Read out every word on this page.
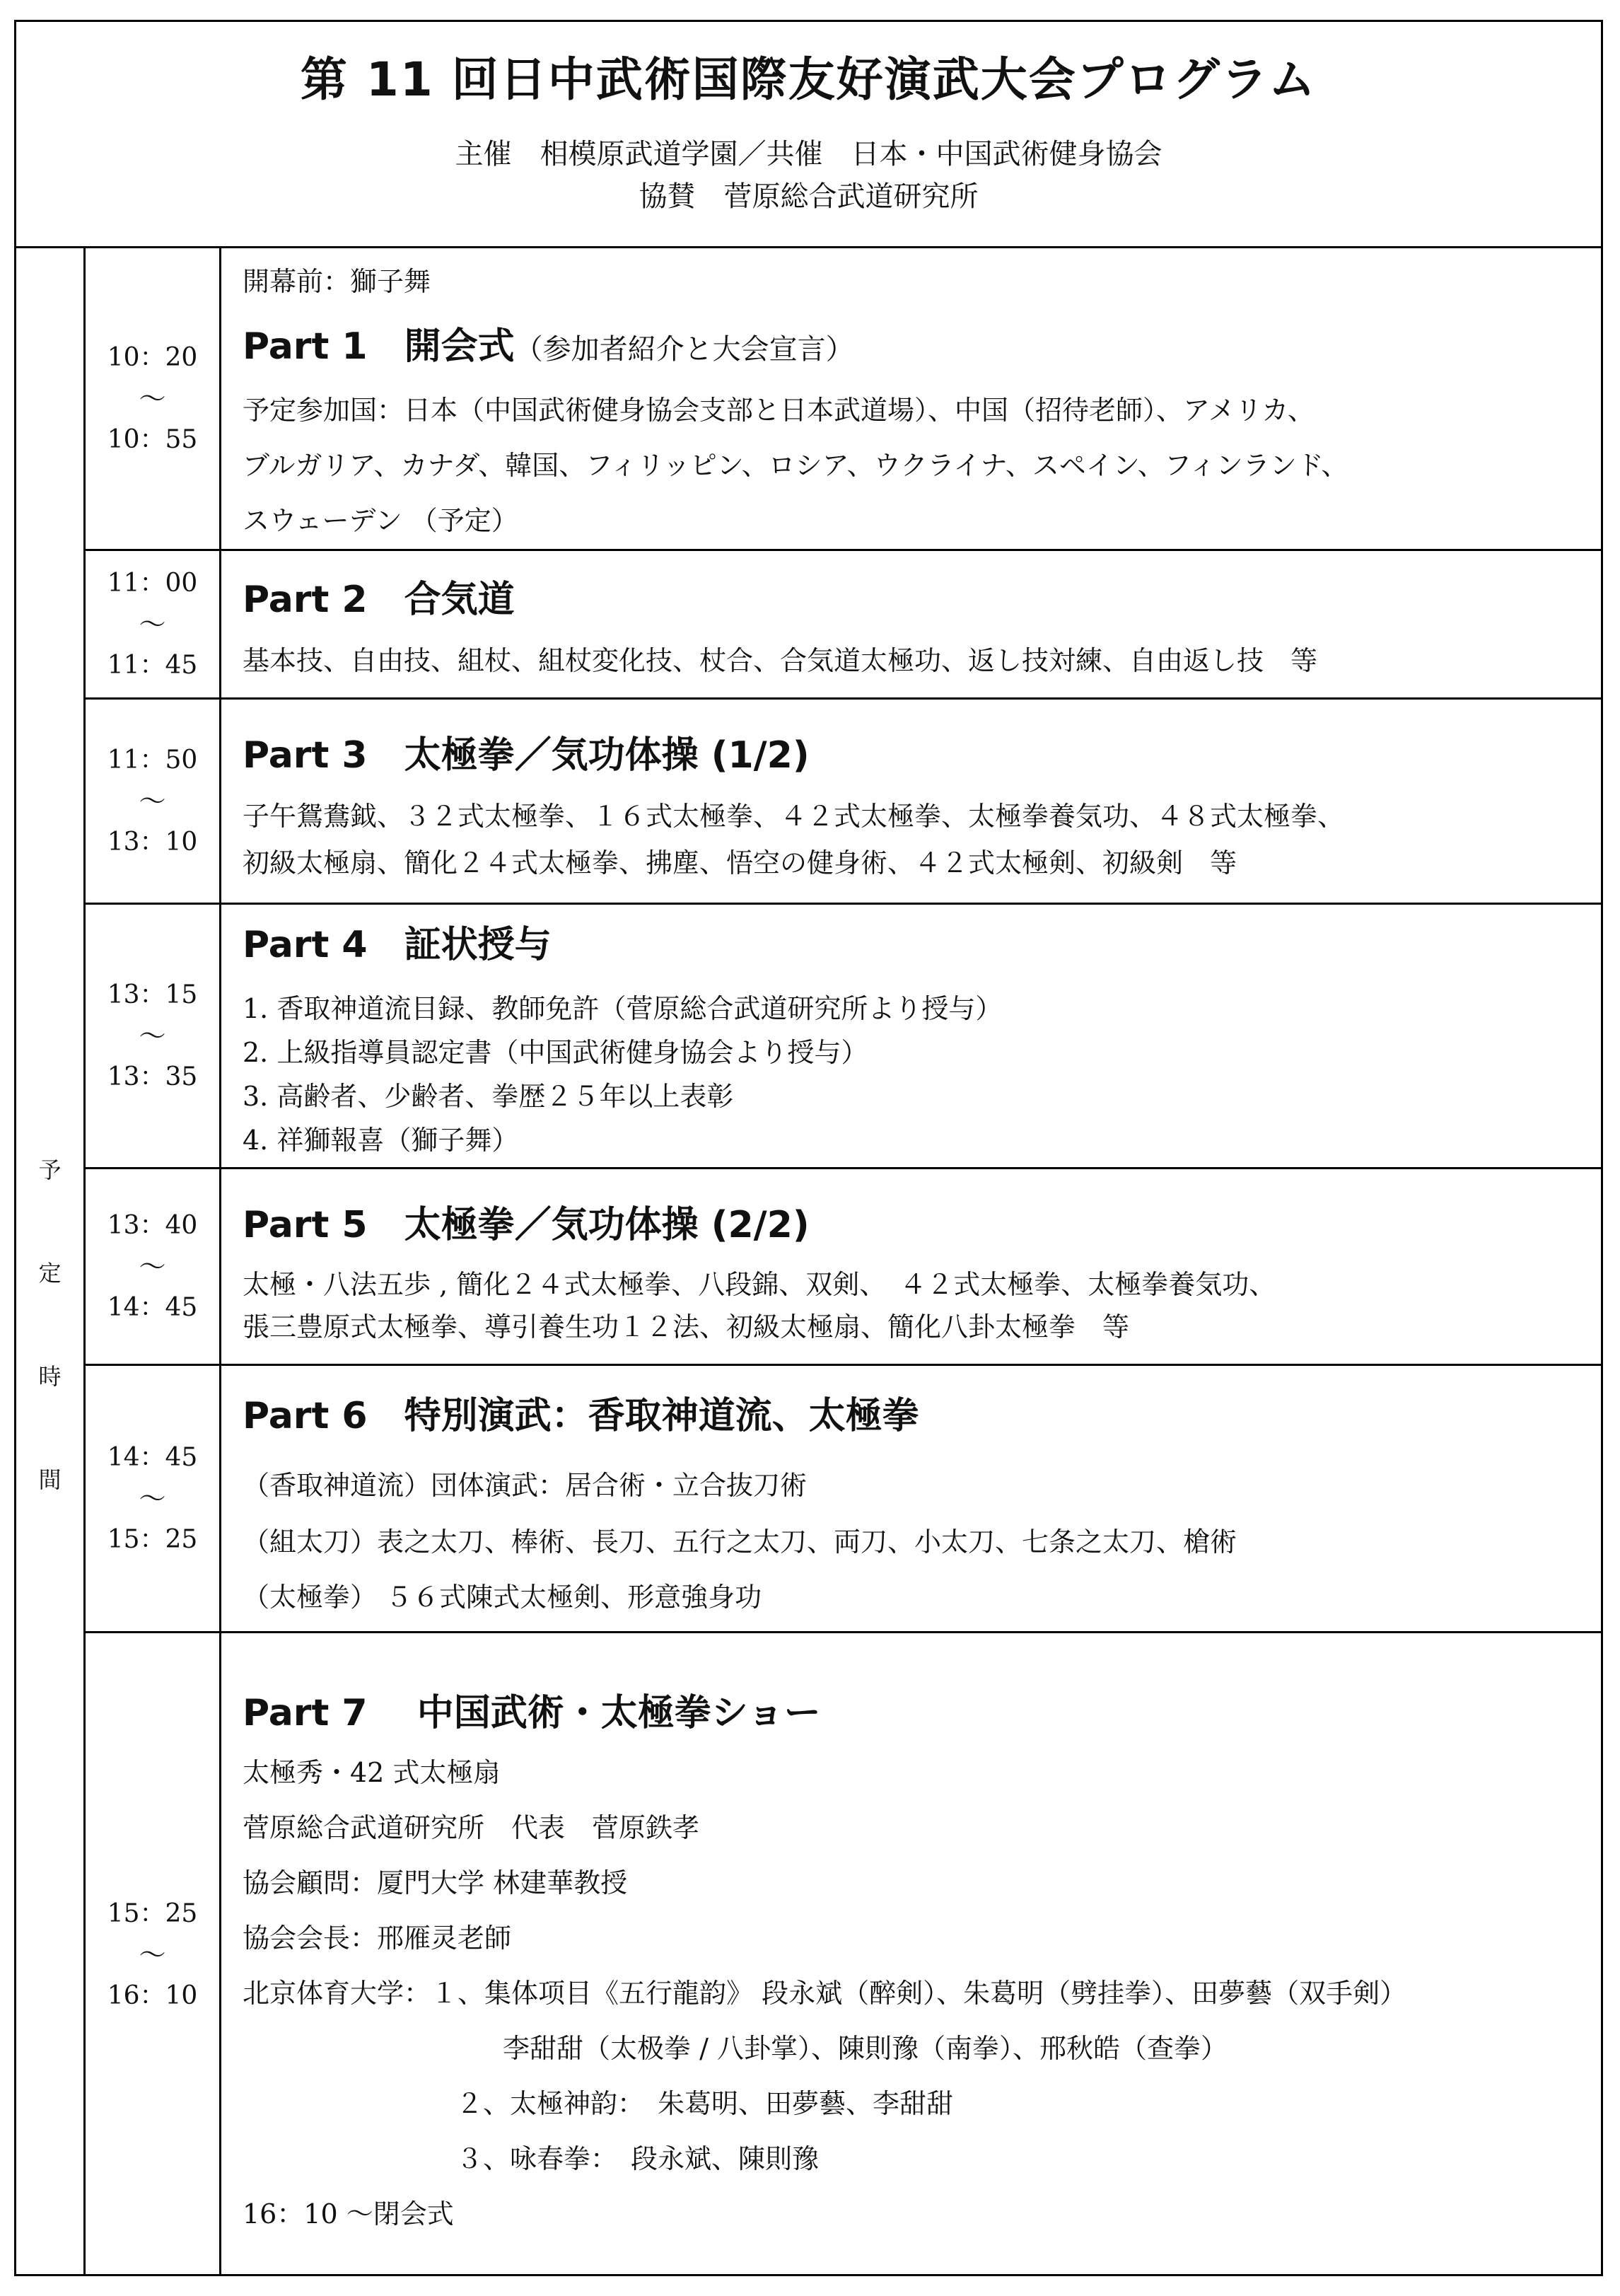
第 11 回日中武術国際友好演武大会プログラム
主催　相模原武道学園／共催　日本・中国武術健身協会
協賛　菅原総合武道研究所
予
定
時
間
10：20
～
10：55
開幕前：獅子舞
Part 1　開会式（参加者紹介と大会宣言）
予定参加国：日本（中国武術健身協会支部と日本武道場）、中国（招待老師）、アメリカ、
ブルガリア、カナダ、韓国、フィリッピン、ロシア、ウクライナ、スペイン、フィンランド、
スウェーデン （予定）
11：00
～
11：45
Part 2　合気道
基本技、自由技、組杖、組杖変化技、杖合、合気道太極功、返し技対練、自由返し技　等
11：50
～
13：10
Part 3　太極拳／気功体操 (1/2)
子午鴛鴦鉞、３２式太極拳、１６式太極拳、４２式太極拳、太極拳養気功、４８式太極拳、
初級太極扇、簡化２４式太極拳、拂塵、悟空の健身術、４２式太極剣、初級剣　等
13：15
～
13：35
Part 4　証状授与
1. 香取神道流目録、教師免許（菅原総合武道研究所より授与）
2. 上級指導員認定書（中国武術健身協会より授与）
3. 高齢者、少齢者、拳歴２５年以上表彰
4. 祥獅報喜（獅子舞）
13：40
～
14：45
Part 5　太極拳／気功体操 (2/2)
太極・八法五歩 , 簡化２４式太極拳、八段錦、双剣、　４２式太極拳、太極拳養気功、
張三豊原式太極拳、導引養生功１２法、初級太極扇、簡化八卦太極拳　等
14：45
～
15：25
Part 6　特別演武：香取神道流、太極拳
（香取神道流）団体演武：居合術・立合抜刀術
（組太刀）表之太刀、棒術、長刀、五行之太刀、両刀、小太刀、七条之太刀、槍術
（太極拳） ５６式陳式太極剣、形意強身功
15：25
～
16：10
Part 7　 中国武術・太極拳ショー
太極秀・42 式太極扇
菅原総合武道研究所　代表　菅原鉄孝
協会顧問：厦門大学 林建華教授
協会会長：邢雁灵老師
北京体育大学：１、集体项目《五行龍韵》 段永斌（醉剣）、朱葛明（劈挂拳）、田夢藝（双手剣）
李甜甜（太极拳 / 八卦掌）、陳則豫（南拳）、邢秋皓（查拳）
２、太極神韵：　朱葛明、田夢藝、李甜甜
３、咏春拳：　段永斌、陳則豫
16：10 ～閉会式
